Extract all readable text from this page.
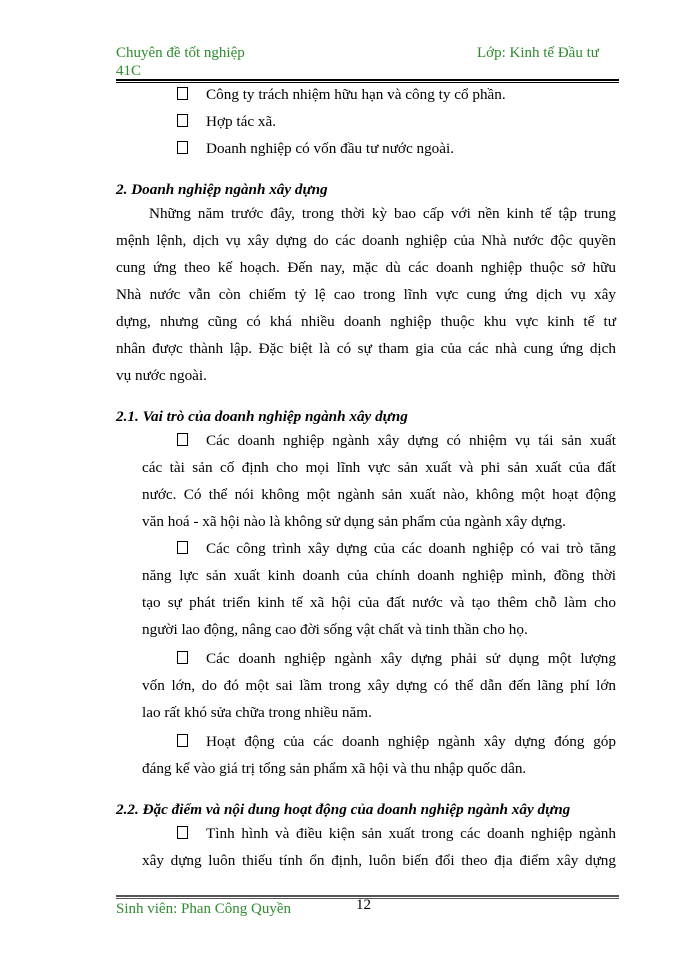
Chuyên đề tốt nghiệp
41C
Lớp: Kinh tế Đầu tư
Công ty trách nhiệm hữu hạn và công ty cổ phần.
Hợp tác xã.
Doanh nghiệp có vốn đầu tư nước ngoài.
2. Doanh nghiệp ngành xây dựng
Những năm trước đây, trong thời kỳ bao cấp với nền kinh tế tập trung
mệnh lệnh, dịch vụ xây dựng do các doanh nghiệp của Nhà nước độc quyền
cung ứng theo kế hoạch. Đến nay, mặc dù các doanh nghiệp thuộc sở hữu
Nhà nước vẫn còn chiếm tỷ lệ cao trong lĩnh vực cung ứng dịch vụ xây
dựng, nhưng cũng có khá nhiều doanh nghiệp thuộc khu vực kinh tế tư
nhân được thành lập. Đặc biệt là có sự tham gia của các nhà cung ứng dịch
vụ nước ngoài.
2.1. Vai trò của doanh nghiệp ngành xây dựng
Các doanh nghiệp ngành xây dựng có nhiệm vụ tái sản xuất
các tài sản cố định cho mọi lĩnh vực sản xuất và phi sản xuất của đất
nước. Có thể nói không một ngành sản xuất nào, không một hoạt động
văn hoá - xã hội nào là không sử dụng sản phẩm của ngành xây dựng.
Các công trình xây dựng của các doanh nghiệp có vai trò tăng
năng lực sản xuất kinh doanh của chính doanh nghiệp mình, đồng thời
tạo sự phát triển kinh tế xã hội của đất nước và tạo thêm chỗ làm cho
người lao động, nâng cao đời sống vật chất và tinh thần cho họ.
Các doanh nghiệp ngành xây dựng phải sử dụng một lượng
vốn lớn, do đó một sai lầm trong xây dựng có thể dẫn đến lãng phí lớn
lao rất khó sửa chữa trong nhiều năm.
Hoạt động của các doanh nghiệp ngành xây dựng đóng góp
đáng kể vào giá trị tổng sản phẩm xã hội và thu nhập quốc dân.
2.2. Đặc điểm và nội dung hoạt động của doanh nghiệp ngành xây dựng
Tình hình và điều kiện sản xuất trong các doanh nghiệp ngành
xây dựng luôn thiếu tính ổn định, luôn biến đổi theo địa điểm xây dựng
Sinh viên: Phan Công Quyền	12
